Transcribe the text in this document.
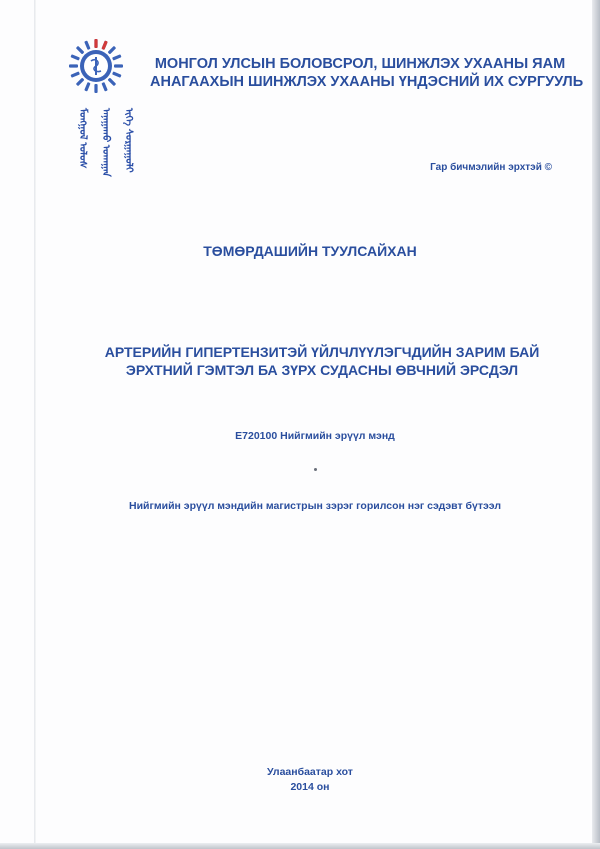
ᠮᠣᠩᠭᠣᠯ ᠤᠯᠤᠰ	ᠠᠨᠠᠭᠠᠬᠤ ᠤᠬᠠᠭᠠᠨ	ᠢᠬᠡ ᠰᠤᠷᠭᠠᠭᠤᠯᠢ
МОНГОЛ УЛСЫН БОЛОВСРОЛ, ШИНЖЛЭХ УХААНЫ ЯАМ
АНАГААХЫН ШИНЖЛЭХ УХААНЫ ҮНДЭСНИЙ ИХ СУРГУУЛЬ
Гар бичмэлийн эрхтэй ©
ТӨМӨРДАШИЙН ТУУЛСАЙХАН
АРТЕРИЙН ГИПЕРТЕНЗИТЭЙ ҮЙЛЧЛҮҮЛЭГЧДИЙН ЗАРИМ БАЙ
ЭРХТНИЙ ГЭМТЭЛ БА ЗҮРХ СУДАСНЫ ӨВЧНИЙ ЭРСДЭЛ
E720100 Нийгмийн эрүүл мэнд
Нийгмийн эрүүл мэндийн магистрын зэрэг горилсон нэг сэдэвт бүтээл
Улаанбаатар хот
2014 он
